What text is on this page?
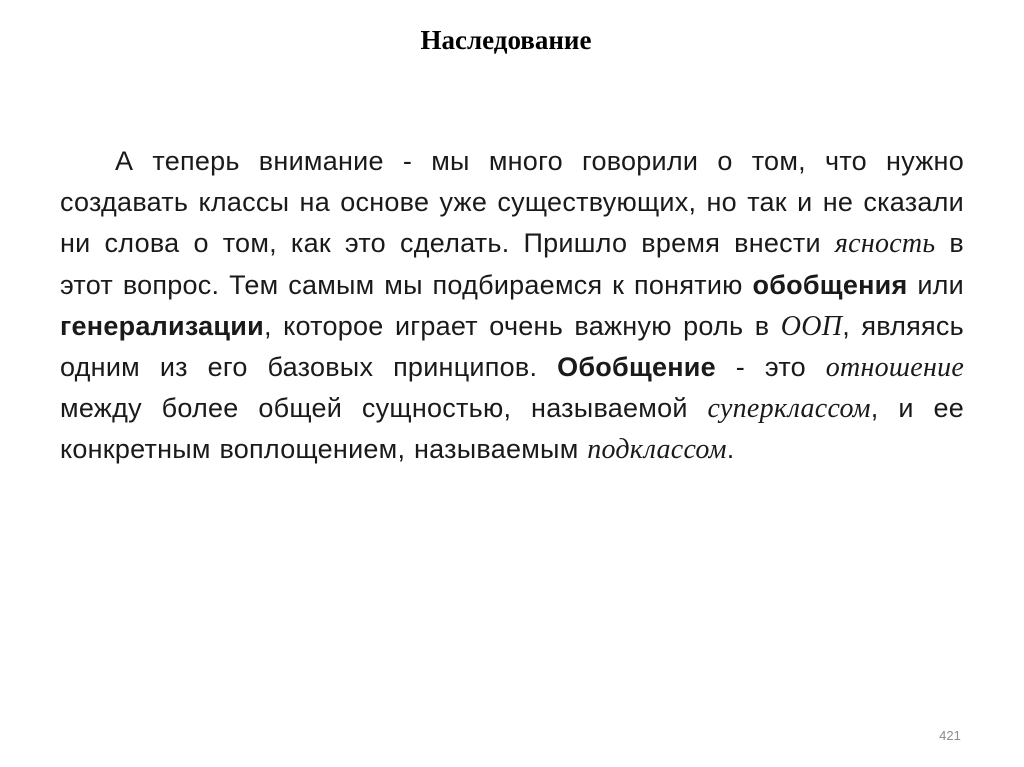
Наследование
А теперь внимание - мы много говорили о том, что нужно создавать классы на основе уже существующих, но так и не сказали ни слова о том, как это сделать. Пришло время внести ясность в этот вопрос. Тем самым мы подбираемся к понятию обобщения или генерализации, которое играет очень важную роль в ООП, являясь одним из его базовых принципов. Обобщение - это отношение между более общей сущностью, называемой суперклассом, и ее конкретным воплощением, называемым подклассом.
421
